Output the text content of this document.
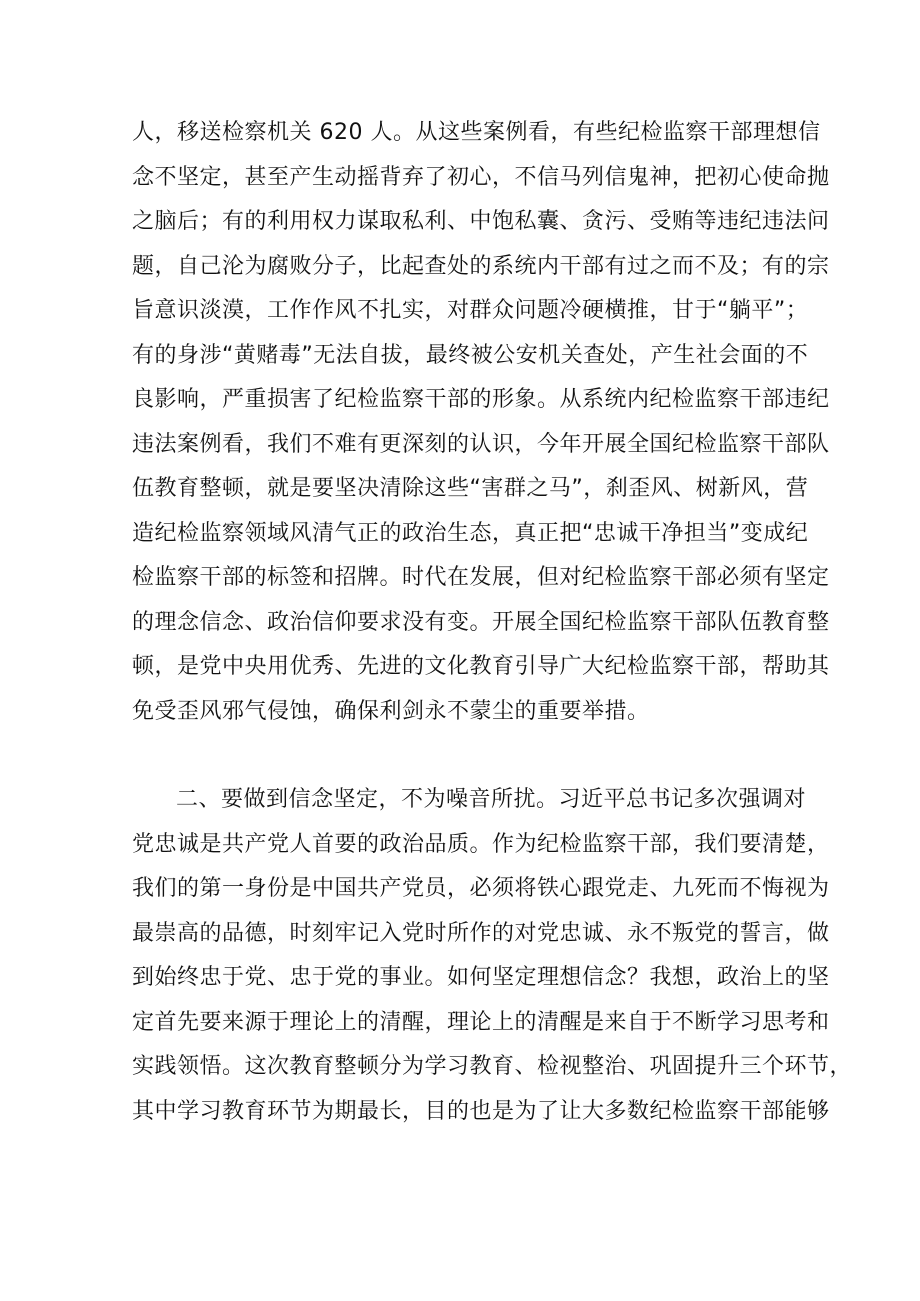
人，移送检察机关 620 人。从这些案例看，有些纪检监察干部理想信
念不坚定，甚至产生动摇背弃了初心，不信马列信鬼神，把初心使命抛
之脑后；有的利用权力谋取私利、中饱私囊、贪污、受贿等违纪违法问
题，自己沦为腐败分子，比起查处的系统内干部有过之而不及；有的宗
旨意识淡漠，工作作风不扎实，对群众问题冷硬横推，甘于“躺平”；
有的身涉“黄赌毒”无法自拔，最终被公安机关查处，产生社会面的不
良影响，严重损害了纪检监察干部的形象。从系统内纪检监察干部违纪
违法案例看，我们不难有更深刻的认识，今年开展全国纪检监察干部队
伍教育整顿，就是要坚决清除这些“害群之马”，刹歪风、树新风，营
造纪检监察领域风清气正的政治生态，真正把“忠诚干净担当”变成纪
检监察干部的标签和招牌。时代在发展，但对纪检监察干部必须有坚定
的理念信念、政治信仰要求没有变。开展全国纪检监察干部队伍教育整
顿，是党中央用优秀、先进的文化教育引导广大纪检监察干部，帮助其
免受歪风邪气侵蚀，确保利剑永不蒙尘的重要举措。
二、要做到信念坚定，不为噪音所扰。习近平总书记多次强调对
党忠诚是共产党人首要的政治品质。作为纪检监察干部，我们要清楚，
我们的第一身份是中国共产党员，必须将铁心跟党走、九死而不悔视为
最崇高的品德，时刻牢记入党时所作的对党忠诚、永不叛党的誓言，做
到始终忠于党、忠于党的事业。如何坚定理想信念？我想，政治上的坚
定首先要来源于理论上的清醒，理论上的清醒是来自于不断学习思考和
实践领悟。这次教育整顿分为学习教育、检视整治、巩固提升三个环节，
其中学习教育环节为期最长，目的也是为了让大多数纪检监察干部能够
